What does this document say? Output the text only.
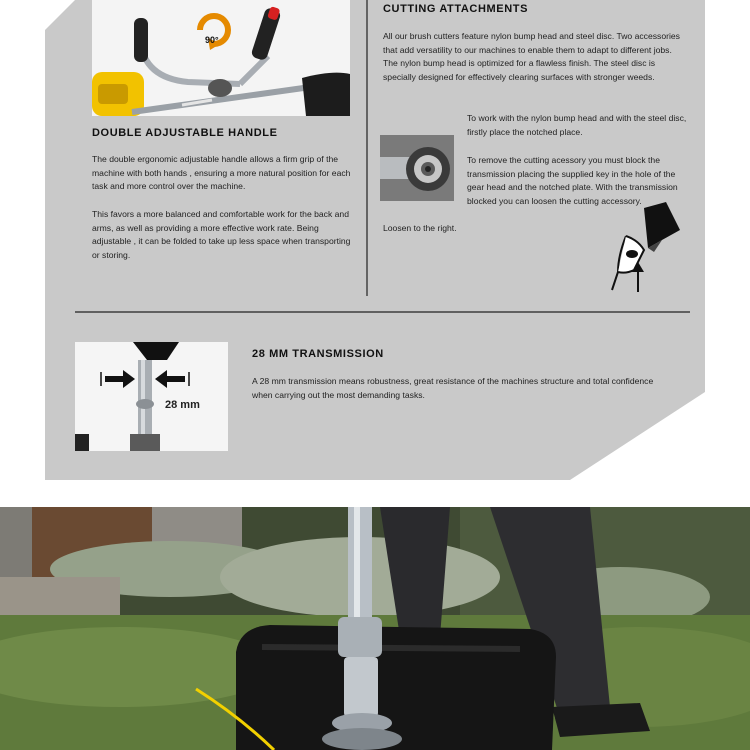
90°
DOUBLE ADJUSTABLE HANDLE

The double ergonomic adjustable handle allows a firm grip of the machine with both hands , ensuring a more natural position for each task and more control over the machine.

This favors a more balanced and comfortable work for the back and arms, as well as providing a more effective work rate. Being adjustable , it can be folded to take up less space when transporting or storing.

CUTTING ATTACHMENTS

All our brush cutters feature nylon bump head and steel disc. Two accessories that add versatility to our machines to enable them to adapt to different jobs. The nylon bump head is optimized for a flawless finish. The steel disc is specially designed for effectively clearing surfaces with stronger weeds.

To work with the nylon bump head and with the steel disc, firstly place the notched place.

To remove the cutting acessory you must block the transmission placing the supplied key in the hole of the gear head and the notched plate. With the transmission blocked you can loosen the cutting accessory.

Loosen to the right.

28 mm
28 MM TRANSMISSION

A 28 mm transmission means robustness, great resistance of the machines structure and total confidence when carrying out the most demanding tasks.
